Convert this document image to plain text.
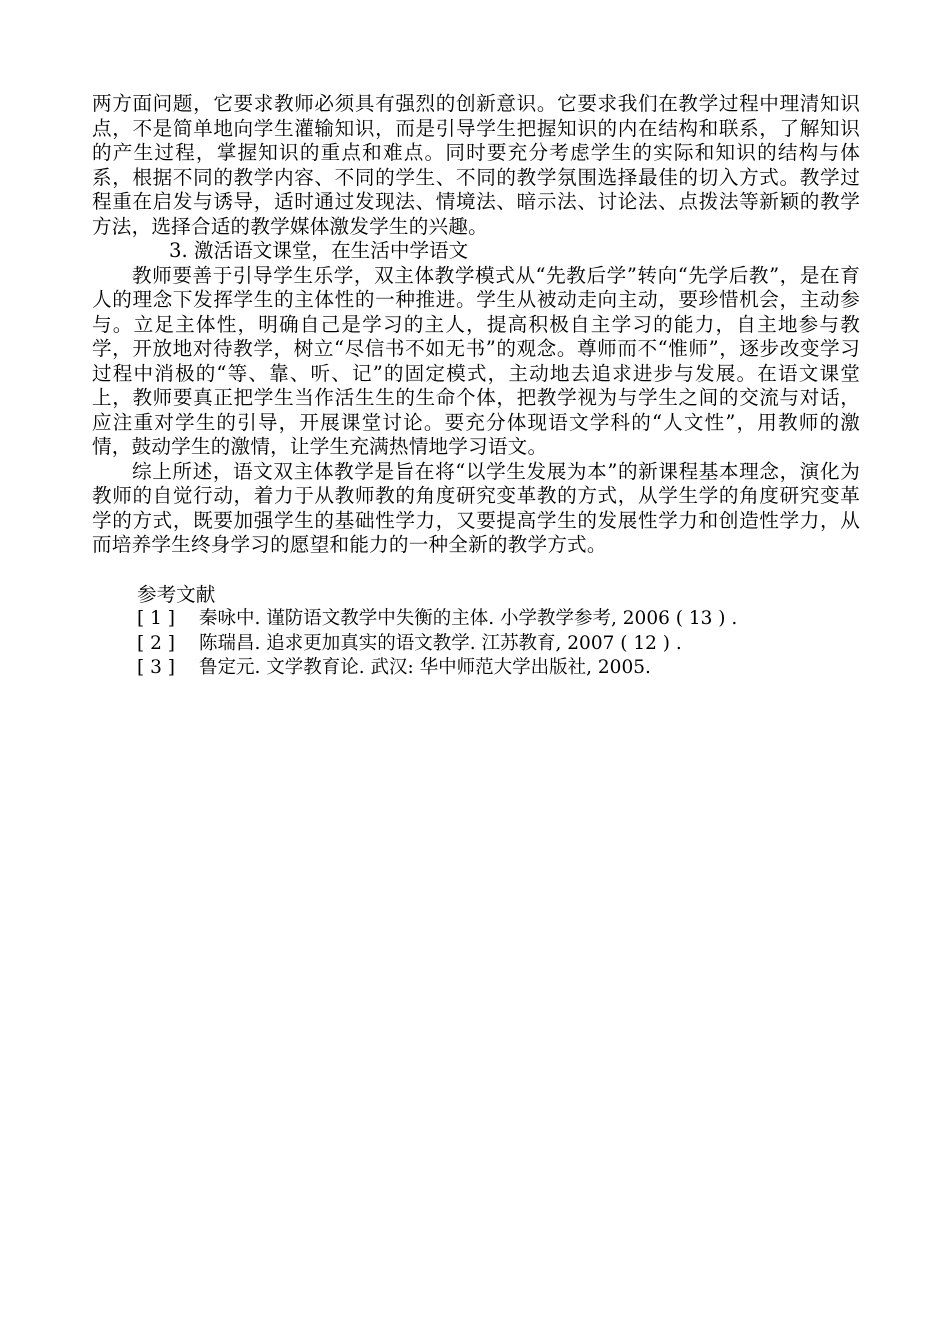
两方面问题，它要求教师必须具有强烈的创新意识。它要求我们在教学过程中理清知识点，不是简单地向学生灌输知识，而是引导学生把握知识的内在结构和联系，了解知识的产生过程，掌握知识的重点和难点。同时要充分考虑学生的实际和知识的结构与体系，根据不同的教学内容、不同的学生、不同的教学氛围选择最佳的切入方式。教学过程重在启发与诱导，适时通过发现法、情境法、暗示法、讨论法、点拨法等新颖的教学方法，选择合适的教学媒体激发学生的兴趣。

3. 激活语文课堂，在生活中学语文

教师要善于引导学生乐学，双主体教学模式从“先教后学”转向“先学后教”，是在育人的理念下发挥学生的主体性的一种推进。学生从被动走向主动，要珍惜机会，主动参与。立足主体性，明确自己是学习的主人，提高积极自主学习的能力，自主地参与教学，开放地对待教学，树立“尽信书不如无书”的观念。尊师而不“惟师”，逐步改变学习过程中消极的“等、靠、听、记”的固定模式，主动地去追求进步与发展。在语文课堂上，教师要真正把学生当作活生生的生命个体，把教学视为与学生之间的交流与对话，应注重对学生的引导，开展课堂讨论。要充分体现语文学科的“人文性”，用教师的激情，鼓动学生的激情，让学生充满热情地学习语文。

综上所述，语文双主体教学是旨在将“以学生发展为本”的新课程基本理念，演化为教师的自觉行动，着力于从教师教的角度研究变革教的方式，从学生学的角度研究变革学的方式，既要加强学生的基础性学力，又要提高学生的发展性学力和创造性学力，从而培养学生终身学习的愿望和能力的一种全新的教学方式。

参考文献

[ 1 ] 秦咏中. 谨防语文教学中失衡的主体. 小学教学参考, 2006 ( 13 ) .

[ 2 ] 陈瑞昌. 追求更加真实的语文教学. 江苏教育, 2007 ( 12 ) .

[ 3 ] 鲁定元. 文学教育论. 武汉: 华中师范大学出版社, 2005.
